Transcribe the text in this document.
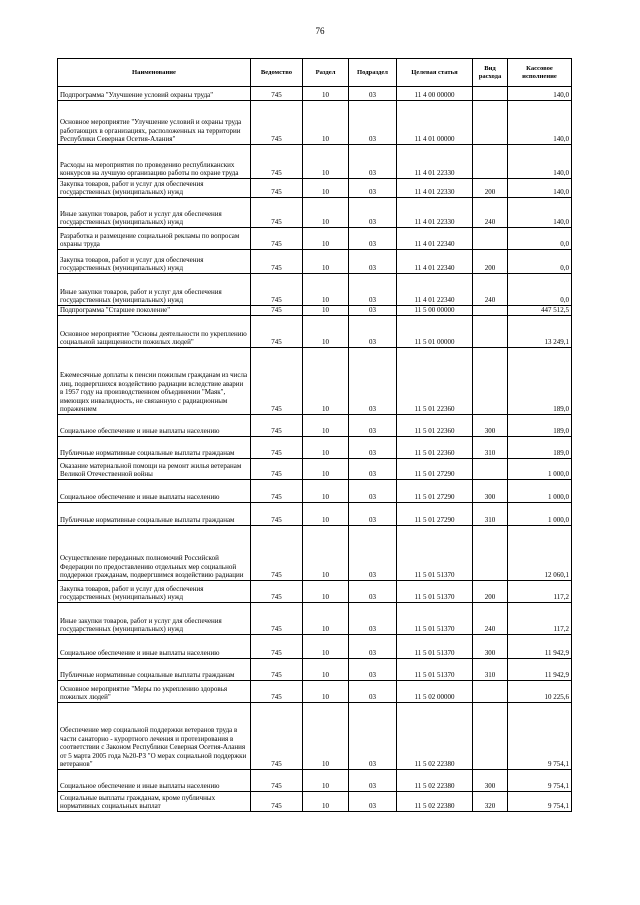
76
Наименование	Ведомство	Раздел	Подраздел	Целевая статья	Вид расхода	Кассовое исполнение
Подпрограмма "Улучшение условий охраны труда"	745	10	03	11 4 00 00000		140,0
Основное мероприятие "Улучшение условий и охраны труда работающих в организациях, расположенных на территории Республики Северная Осетия-Алания"	745	10	03	11 4 01 00000		140,0
Расходы на мероприятия по проведению республиканских конкурсов на лучшую организацию работы по охране труда	745	10	03	11 4 01 22330		140,0
Закупка товаров, работ и услуг для обеспечения государственных (муниципальных) нужд	745	10	03	11 4 01 22330	200	140,0
Иные закупки товаров, работ и услуг для обеспечения государственных (муниципальных) нужд	745	10	03	11 4 01 22330	240	140,0
Разработка и размещение социальной рекламы по вопросам охраны труда	745	10	03	11 4 01 22340		0,0
Закупка товаров, работ и услуг для обеспечения государственных (муниципальных) нужд	745	10	03	11 4 01 22340	200	0,0
Иные закупки товаров, работ и услуг для обеспечения государственных (муниципальных) нужд	745	10	03	11 4 01 22340	240	0,0
Подпрограмма "Старшее поколение"	745	10	03	11 5 00 00000		447 512,5
Основное мероприятие "Основы деятельности по укреплению социальной защищенности пожилых людей"	745	10	03	11 5 01 00000		13 249,1
Ежемесячные доплаты к пенсии пожилым гражданам из числа лиц, подвергшихся воздействию радиации вследствие аварии в 1957 году на производственном объединении "Маяк", имеющих инвалидность, не связанную с радиационным поражением	745	10	03	11 5 01 22360		189,0
Социальное обеспечение и иные выплаты населению	745	10	03	11 5 01 22360	300	189,0
Публичные нормативные социальные выплаты гражданам	745	10	03	11 5 01 22360	310	189,0
Оказание материальной помощи на ремонт жилья ветеранам Великой Отечественной войны	745	10	03	11 5 01 27290		1 000,0
Социальное обеспечение и иные выплаты населению	745	10	03	11 5 01 27290	300	1 000,0
Публичные нормативные социальные выплаты гражданам	745	10	03	11 5 01 27290	310	1 000,0
Осуществление переданных полномочий Российской Федерации по предоставлению отдельных мер социальной поддержки гражданам, подвергшимся воздействию радиации	745	10	03	11 5 01 51370		12 060,1
Закупка товаров, работ и услуг для обеспечения государственных (муниципальных) нужд	745	10	03	11 5 01 51370	200	117,2
Иные закупки товаров, работ и услуг для обеспечения государственных (муниципальных) нужд	745	10	03	11 5 01 51370	240	117,2
Социальное обеспечение и иные выплаты населению	745	10	03	11 5 01 51370	300	11 942,9
Публичные нормативные социальные выплаты гражданам	745	10	03	11 5 01 51370	310	11 942,9
Основное мероприятие "Меры по укреплению здоровья пожилых людей"	745	10	03	11 5 02 00000		10 225,6
Обеспечение мер социальной поддержки ветеранов труда в части санаторно - курортного лечения и протезирования в соответствии с Законом Республики Северная Осетия-Алания от 5 марта 2005 года №20-РЗ "О мерах социальной поддержки ветеранов"	745	10	03	11 5 02 22380		9 754,1
Социальное обеспечение и иные выплаты населению	745	10	03	11 5 02 22380	300	9 754,1
Социальные выплаты гражданам, кроме публичных нормативных социальных выплат	745	10	03	11 5 02 22380	320	9 754,1
